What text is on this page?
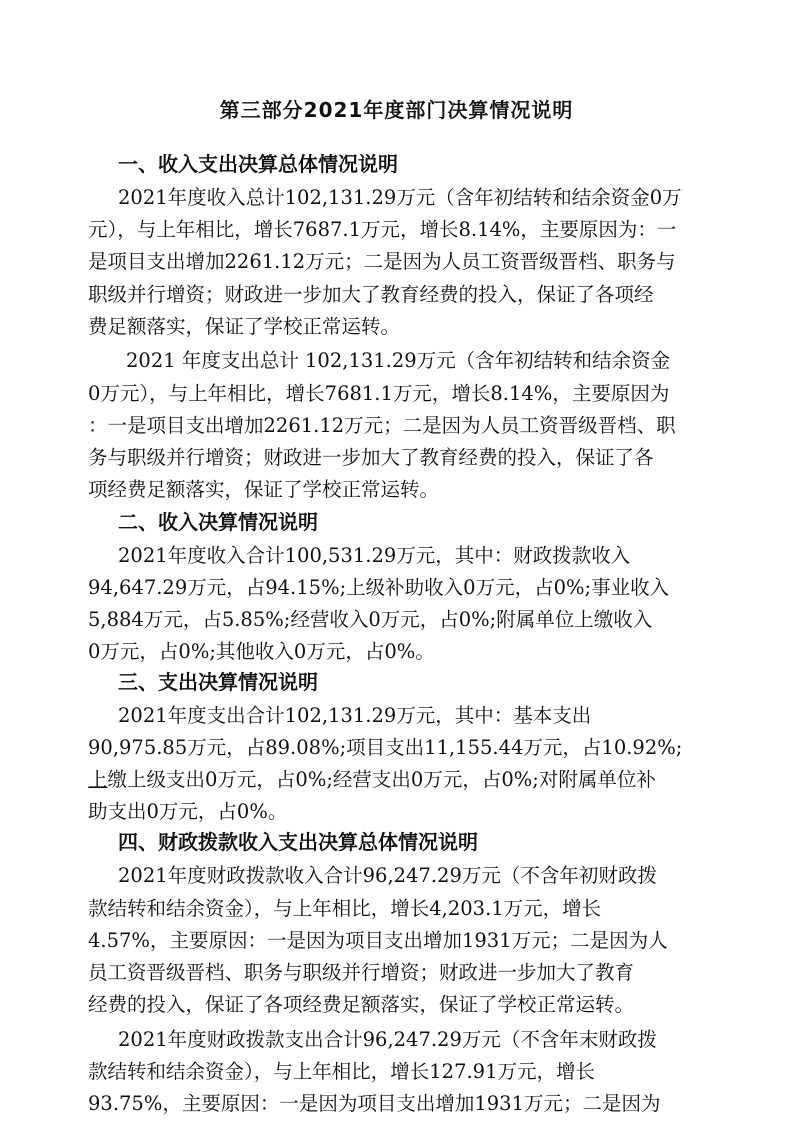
第三部分2021年度部门决算情况说明
一、收入支出决算总体情况说明
2021年度收入总计102,131.29万元（含年初结转和结余资金0万
元），与上年相比，增长7687.1万元，增长8.14%，主要原因为：一
是项目支出增加2261.12万元；二是因为人员工资晋级晋档、职务与
职级并行增资；财政进一步加大了教育经费的投入，保证了各项经
费足额落实，保证了学校正常运转。
2021 年度支出总计 102,131.29万元（含年初结转和结余资金
0万元），与上年相比，增长7681.1万元，增长8.14%，主要原因为
：一是项目支出增加2261.12万元；二是因为人员工资晋级晋档、职
务与职级并行增资；财政进一步加大了教育经费的投入，保证了各
项经费足额落实，保证了学校正常运转。
二、收入决算情况说明
2021年度收入合计100,531.29万元，其中：财政拨款收入
94,647.29万元，占94.15%;上级补助收入0万元，占0%;事业收入
5,884万元，占5.85%;经营收入0万元，占0%;附属单位上缴收入
0万元，占0%;其他收入0万元，占0%。
三、支出决算情况说明
2021年度支出合计102,131.29万元，其中：基本支出
90,975.85万元，占89.08%;项目支出11,155.44万元，占10.92%;
上缴上级支出0万元，占0%;经营支出0万元，占0%;对附属单位补
助支出0万元，占0%。
四、财政拨款收入支出决算总体情况说明
2021年度财政拨款收入合计96,247.29万元（不含年初财政拨
款结转和结余资金），与上年相比，增长4,203.1万元，增长
4.57%，主要原因：一是因为项目支出增加1931万元；二是因为人
员工资晋级晋档、职务与职级并行增资；财政进一步加大了教育
经费的投入，保证了各项经费足额落实，保证了学校正常运转。
2021年度财政拨款支出合计96,247.29万元（不含年末财政拨
款结转和结余资金），与上年相比，增长127.91万元，增长
93.75%，主要原因：一是因为项目支出增加1931万元；二是因为
